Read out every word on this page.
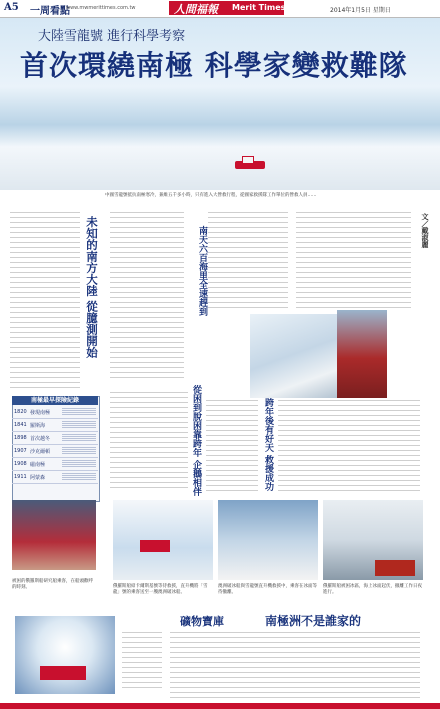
A5 一周看點
www.mwmerittimes.com.tw	人間福報 Merit Times	2014年1月5日 星期日
大陸雪龍號 進行科學考察
首次環繞南極 科學家變救難隊
中國雪龍號抵抗南極寒冷，兼維五千多小時，只有進入大營救行程，從國家救援隊工作單位的營救人員……
未知的南方大陸 從臆測開始	南天六百海里全速趕到
從困到脫困靠跨年 企鵝相伴	跨年後有好天 救援成功
文／戴淑麗
南極最早探險紀錄
1820 發現南極
1841 羅斯海
1898 首次越冬
1907 沙克爾頓
1908 磁南極
1911 阿蒙森
被困的俄羅斯船研究船乘客，在船頭歡呼的時刻。	俄羅斯船紹卡爾斯基號等待救援，直升機將「雪龍」號的乘客送至一艘澳洲破冰船。
澳洲破冰船與雪龍號直升機救援中，乘客在冰面等待撤離。
俄羅斯船被困冰區，海上冰面起伏，撤離工作日夜進行。
礦物寶庫	南極洲不是誰家的
